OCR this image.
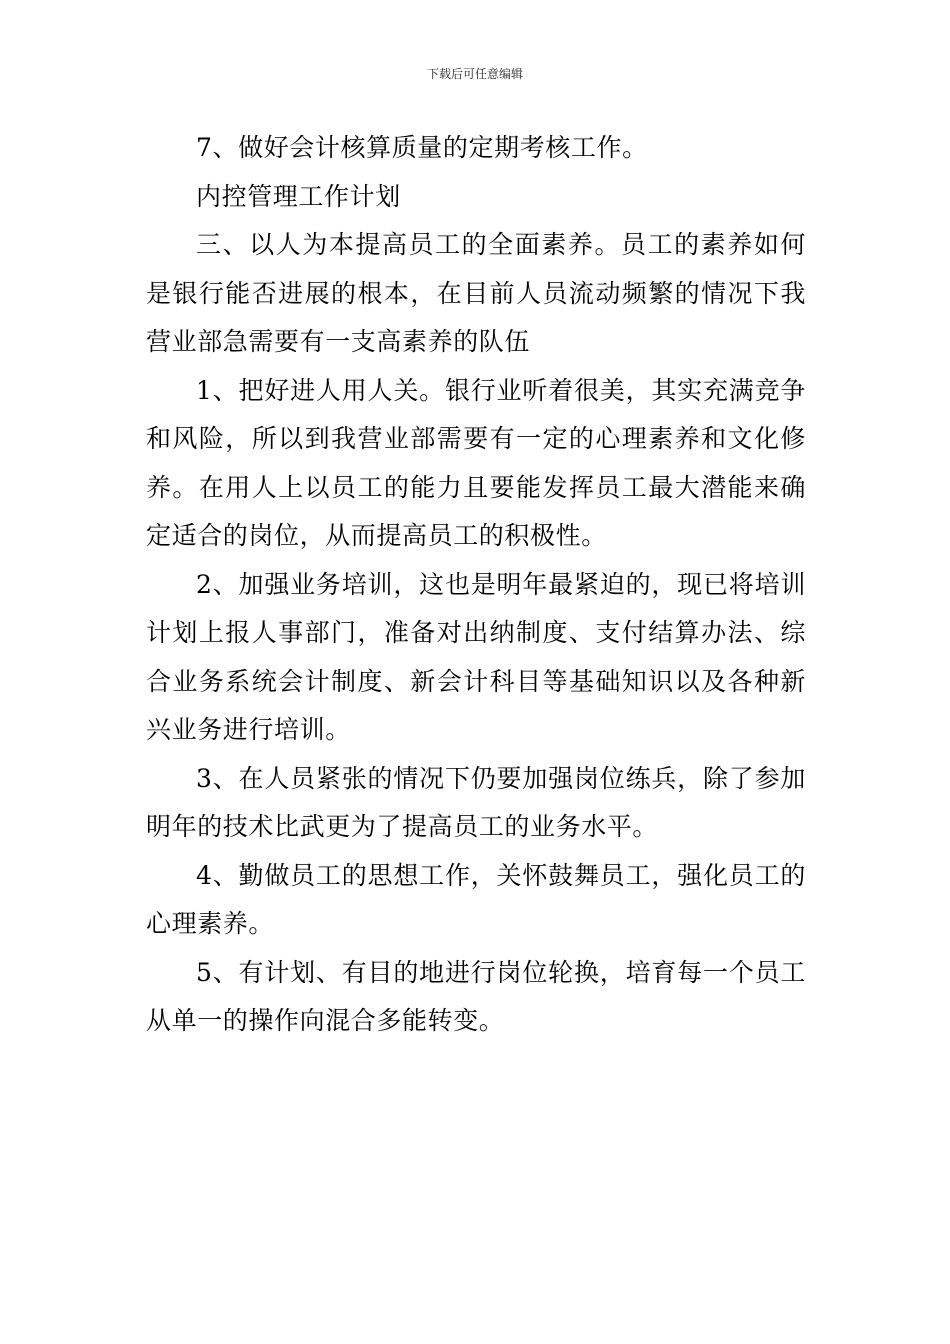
下载后可任意编辑

7、做好会计核算质量的定期考核工作。

内控管理工作计划

三、以人为本提高员工的全面素养。员工的素养如何是银行能否进展的根本，在目前人员流动频繁的情况下我营业部急需要有一支高素养的队伍

1、把好进人用人关。银行业听着很美，其实充满竞争和风险，所以到我营业部需要有一定的心理素养和文化修养。在用人上以员工的能力且要能发挥员工最大潜能来确定适合的岗位，从而提高员工的积极性。

2、加强业务培训，这也是明年最紧迫的，现已将培训计划上报人事部门，准备对出纳制度、支付结算办法、综合业务系统会计制度、新会计科目等基础知识以及各种新兴业务进行培训。

3、在人员紧张的情况下仍要加强岗位练兵，除了参加明年的技术比武更为了提高员工的业务水平。

4、勤做员工的思想工作，关怀鼓舞员工，强化员工的心理素养。

5、有计划、有目的地进行岗位轮换，培育每一个员工从单一的操作向混合多能转变。
